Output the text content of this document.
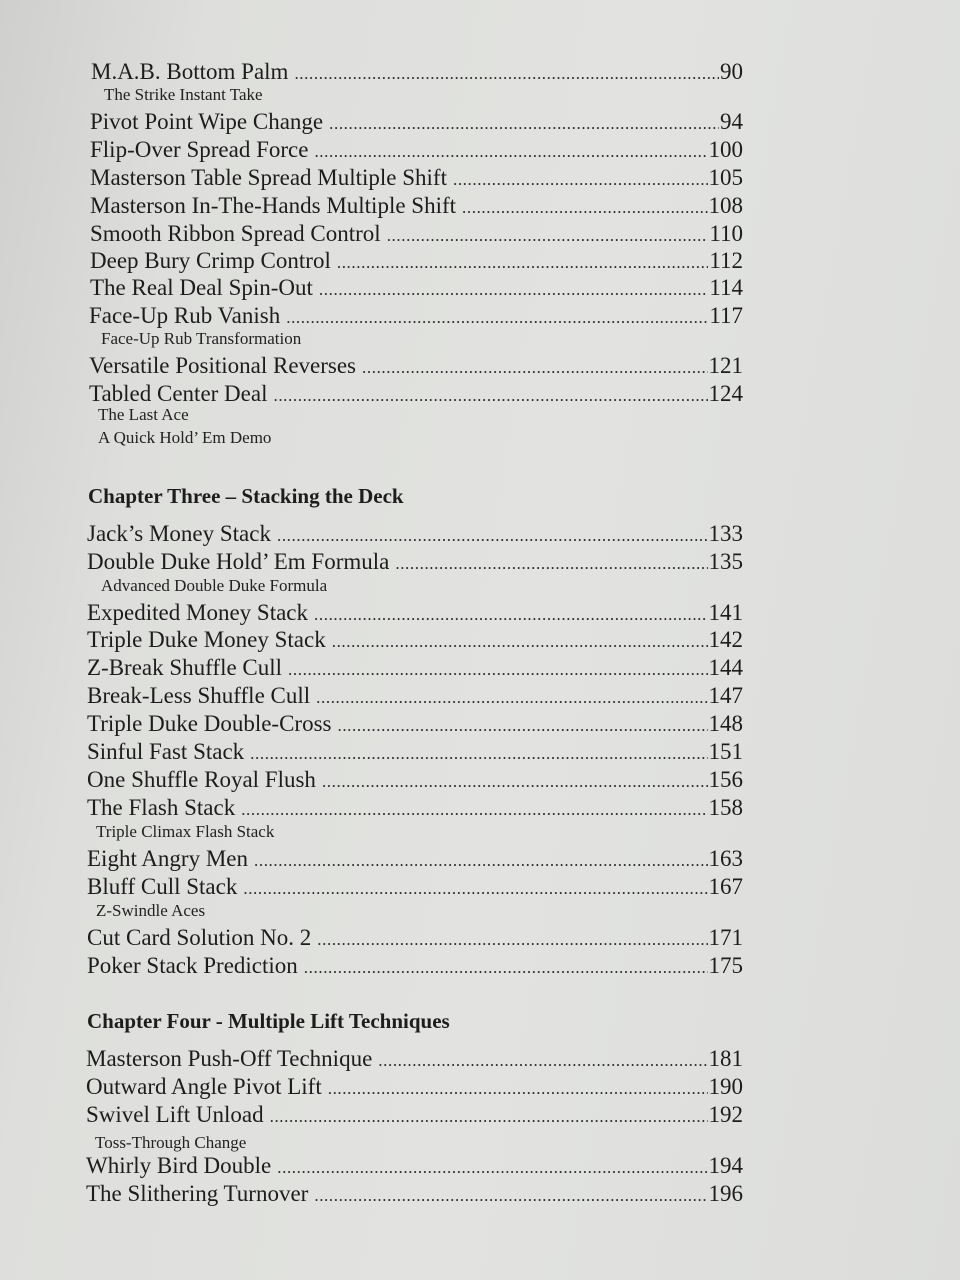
M.A.B. Bottom Palm .....	90
The Strike Instant Take
Pivot Point Wipe Change .....	94
Flip-Over Spread Force .....	100
Masterson Table Spread Multiple Shift .....	105
Masterson In-The-Hands Multiple Shift .....	108
Smooth Ribbon Spread Control .....	110
Deep Bury Crimp Control .....	112
The Real Deal Spin-Out .....	114
Face-Up Rub Vanish .....	117
Face-Up Rub Transformation
Versatile Positional Reverses .....	121
Tabled Center Deal .....	124
The Last Ace
A Quick Hold’ Em Demo
Chapter Three – Stacking the Deck
Jack’s Money Stack .....	133
Double Duke Hold’ Em Formula .....	135
Advanced Double Duke Formula
Expedited Money Stack .....	141
Triple Duke Money Stack .....	142
Z-Break Shuffle Cull .....	144
Break-Less Shuffle Cull .....	147
Triple Duke Double-Cross .....	148
Sinful Fast Stack .....	151
One Shuffle Royal Flush .....	156
The Flash Stack .....	158
Triple Climax Flash Stack
Eight Angry Men .....	163
Bluff Cull Stack .....	167
Z-Swindle Aces
Cut Card Solution No. 2 .....	171
Poker Stack Prediction .....	175
Chapter Four - Multiple Lift Techniques
Masterson Push-Off Technique .....	181
Outward Angle Pivot Lift .....	190
Swivel Lift Unload .....	192
Toss-Through Change
Whirly Bird Double .....	194
The Slithering Turnover .....	196
